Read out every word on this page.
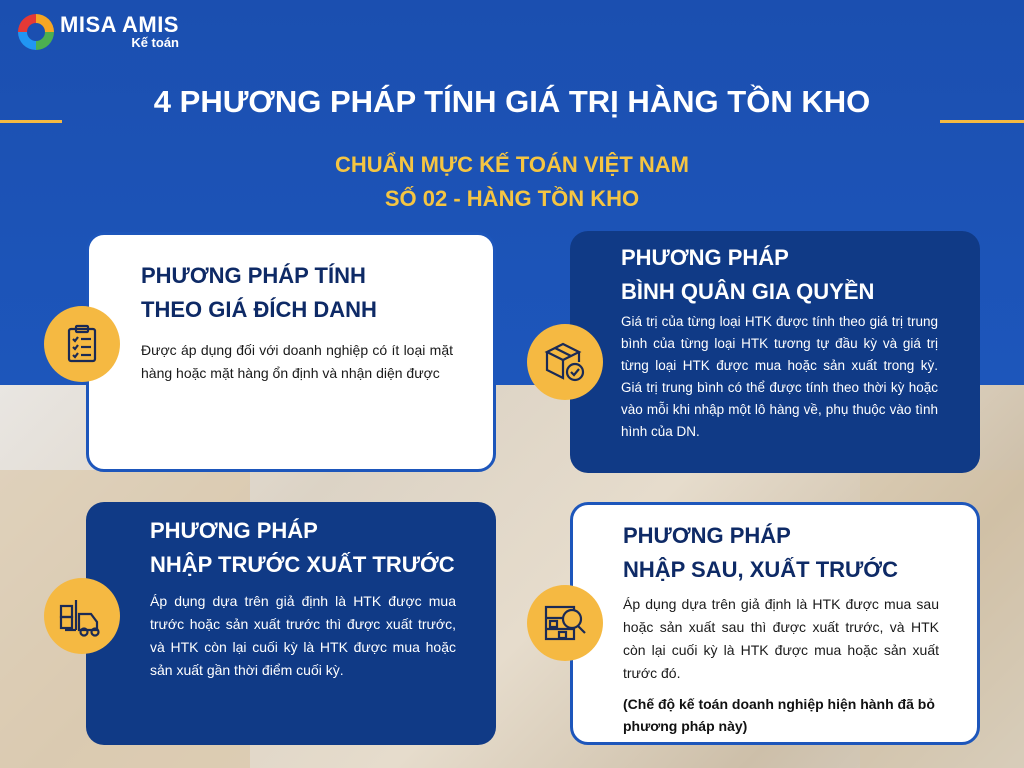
MISA AMIS
Kế toán
4 PHƯƠNG PHÁP TÍNH GIÁ TRỊ HÀNG TỒN KHO
CHUẨN MỰC KẾ TOÁN VIỆT NAM
SỐ 02 - HÀNG TỒN KHO
PHƯƠNG PHÁP TÍNH
THEO GIÁ ĐÍCH DANH
Được áp dụng đối với doanh nghiệp có ít loại mặt hàng hoặc mặt hàng ổn định và nhận diện được
PHƯƠNG PHÁP
BÌNH QUÂN GIA QUYỀN
Giá trị của từng loại HTK được tính theo giá trị trung bình của từng loại HTK tương tự đầu kỳ và giá trị từng loại HTK được mua hoặc sản xuất trong kỳ. Giá trị trung bình có thể được tính theo thời kỳ hoặc vào mỗi khi nhập một lô hàng về, phụ thuộc vào tình hình của DN.
PHƯƠNG PHÁP
NHẬP TRƯỚC XUẤT TRƯỚC
Áp dụng dựa trên giả định là HTK được mua trước hoặc sản xuất trước thì được xuất trước, và HTK còn lại cuối kỳ là HTK được mua hoặc sản xuất gần thời điểm cuối kỳ.
PHƯƠNG PHÁP
NHẬP SAU, XUẤT TRƯỚC
Áp dụng dựa trên giả định là HTK được mua sau hoặc sản xuất sau thì được xuất trước, và HTK còn lại cuối kỳ là HTK được mua hoặc sản xuất trước đó.
(Chế độ kế toán doanh nghiệp hiện hành đã bỏ phương pháp này)
